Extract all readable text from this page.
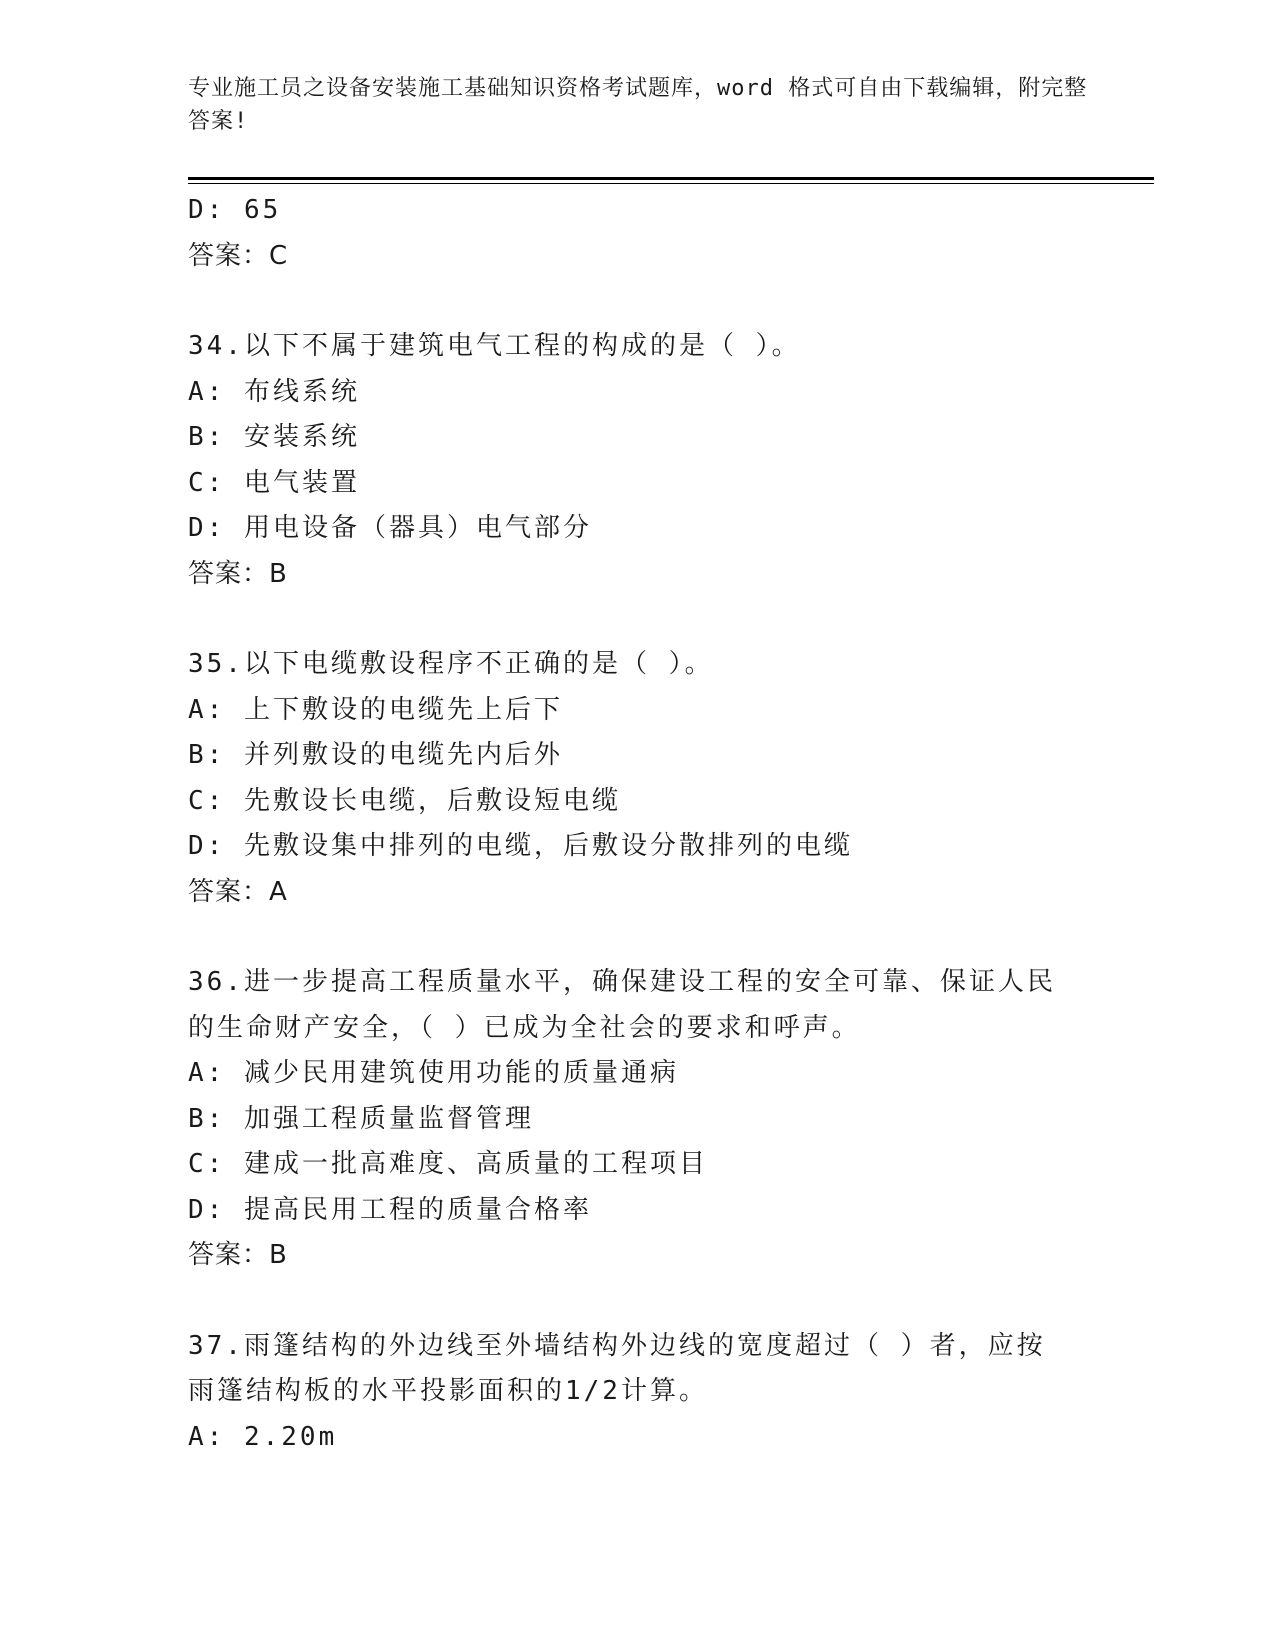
专业施工员之设备安装施工基础知识资格考试题库，word 格式可自由下载编辑，附完整答案!
D: 65
答案：C
34.以下不属于建筑电气工程的构成的是（ ）。
A: 布线系统
B: 安装系统
C: 电气装置
D: 用电设备（器具）电气部分
答案：B
35.以下电缆敷设程序不正确的是（ ）。
A: 上下敷设的电缆先上后下
B: 并列敷设的电缆先内后外
C: 先敷设长电缆，后敷设短电缆
D: 先敷设集中排列的电缆，后敷设分散排列的电缆
答案：A
36.进一步提高工程质量水平，确保建设工程的安全可靠、保证人民的生命财产安全，（ ）已成为全社会的要求和呼声。
A: 减少民用建筑使用功能的质量通病
B: 加强工程质量监督管理
C: 建成一批高难度、高质量的工程项目
D: 提高民用工程的质量合格率
答案：B
37.雨篷结构的外边线至外墙结构外边线的宽度超过（ ）者，应按雨篷结构板的水平投影面积的1/2计算。
A: 2.20m
